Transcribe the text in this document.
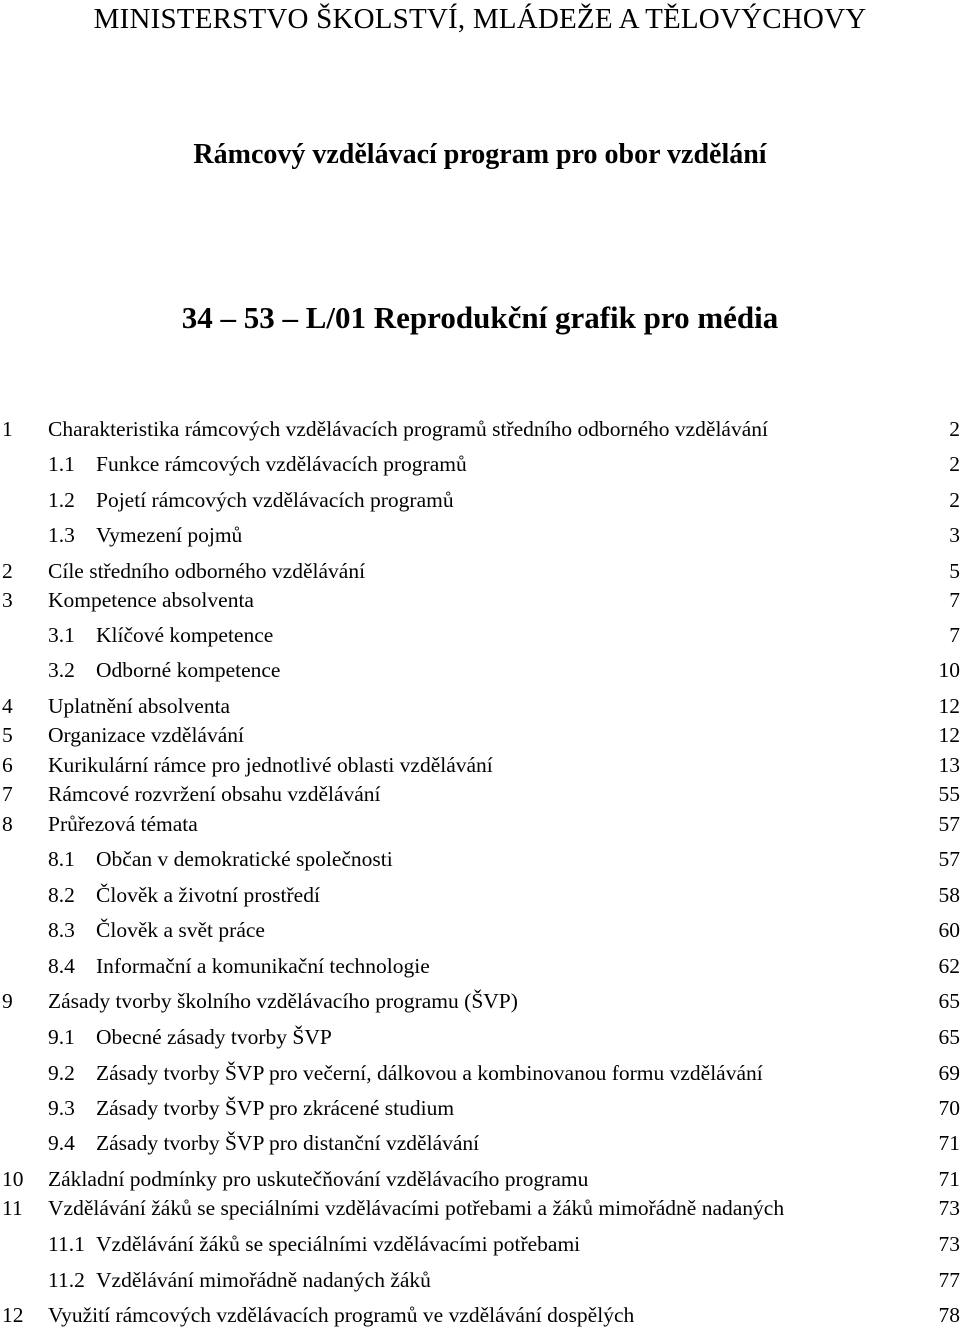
MINISTERSTVO ŠKOLSTVÍ, MLÁDEŽE A TĚLOVÝCHOVY
Rámcový vzdělávací program pro obor vzdělání
34 – 53 – L/01 Reprodukční grafik pro média
1 Charakteristika rámcových vzdělávacích programů středního odborného vzdělávání	2
1.1 Funkce rámcových vzdělávacích programů	2
1.2 Pojetí rámcových vzdělávacích programů	2
1.3 Vymezení pojmů	3
2 Cíle středního odborného vzdělávání	5
3 Kompetence absolventa	7
3.1 Klíčové kompetence	7
3.2 Odborné kompetence	10
4 Uplatnění absolventa	12
5 Organizace vzdělávání	12
6 Kurikulární rámce pro jednotlivé oblasti vzdělávání	13
7 Rámcové rozvržení obsahu vzdělávání	55
8 Průřezová témata	57
8.1 Občan v demokratické společnosti	57
8.2 Člověk a životní prostředí	58
8.3 Člověk a svět práce	60
8.4 Informační a komunikační technologie	62
9 Zásady tvorby školního vzdělávacího programu (ŠVP)	65
9.1 Obecné zásady tvorby ŠVP	65
9.2 Zásady tvorby ŠVP pro večerní, dálkovou a kombinovanou formu vzdělávání	69
9.3 Zásady tvorby ŠVP pro zkrácené studium	70
9.4 Zásady tvorby ŠVP pro distanční vzdělávání	71
10 Základní podmínky pro uskutečňování vzdělávacího programu	71
11 Vzdělávání žáků se speciálními vzdělávacími potřebami a žáků mimořádně nadaných	73
11.1 Vzdělávání žáků se speciálními vzdělávacími potřebami	73
11.2 Vzdělávání mimořádně nadaných žáků	77
12 Využití rámcových vzdělávacích programů ve vzdělávání dospělých	78
